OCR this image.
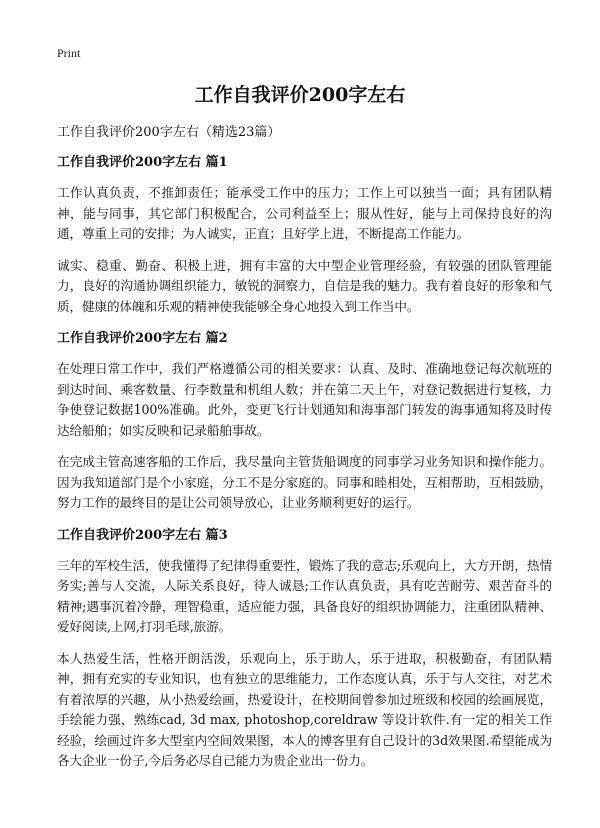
Print
工作自我评价200字左右

工作自我评价200字左右（精选23篇）

工作自我评价200字左右 篇1

工作认真负责，不推卸责任；能承受工作中的压力；工作上可以独当一面；具有团队精神，能与同事，其它部门积极配合，公司利益至上；服从性好，能与上司保持良好的沟通，尊重上司的安排；为人诚实，正直；且好学上进，不断提高工作能力。

诚实、稳重、勤奋、积极上进，拥有丰富的大中型企业管理经验，有较强的团队管理能力，良好的沟通协调组织能力，敏锐的洞察力，自信是我的魅力。我有着良好的形象和气质，健康的体魄和乐观的精神使我能够全身心地投入到工作当中。

工作自我评价200字左右 篇2

在处理日常工作中，我们严格遵循公司的相关要求：认真、及时、准确地登记每次航班的到达时间、乘客数量、行李数量和机组人数；并在第二天上午，对登记数据进行复核，力争使登记数据100%准确。此外，变更飞行计划通知和海事部门转发的海事通知将及时传达给船舶；如实反映和记录船舶事故。

在完成主管高速客船的工作后，我尽量向主管货船调度的同事学习业务知识和操作能力。因为我知道部门是个小家庭，分工不是分家庭的。同事和睦相处，互相帮助，互相鼓励，努力工作的最终目的是让公司领导放心，让业务顺利更好的运行。

工作自我评价200字左右 篇3

三年的军校生活，使我懂得了纪律得重要性，锻炼了我的意志;乐观向上，大方开朗，热情务实;善与人交流，人际关系良好，待人诚恳;工作认真负责，具有吃苦耐劳、艰苦奋斗的精神;遇事沉着冷静，理智稳重，适应能力强，具备良好的组织协调能力，注重团队精神、爱好阅读,上网,打羽毛球,旅游。

本人热爱生活，性格开朗活泼，乐观向上，乐于助人，乐于进取，积极勤奋，有团队精神，拥有充实的专业知识，也有独立的思维能力，工作态度认真，乐于与人交往，对艺术有着浓厚的兴趣，从小热爱绘画，热爱设计，在校期间曾参加过班级和校园的绘画展览，手绘能力强，熟练cad, 3d max, photoshop,coreldraw 等设计软件.有一定的相关工作经验，绘画过许多大型室内空间效果图，本人的博客里有自己设计的3d效果图.希望能成为各大企业一份子,今后务必尽自己能力为贵企业出一份力。
